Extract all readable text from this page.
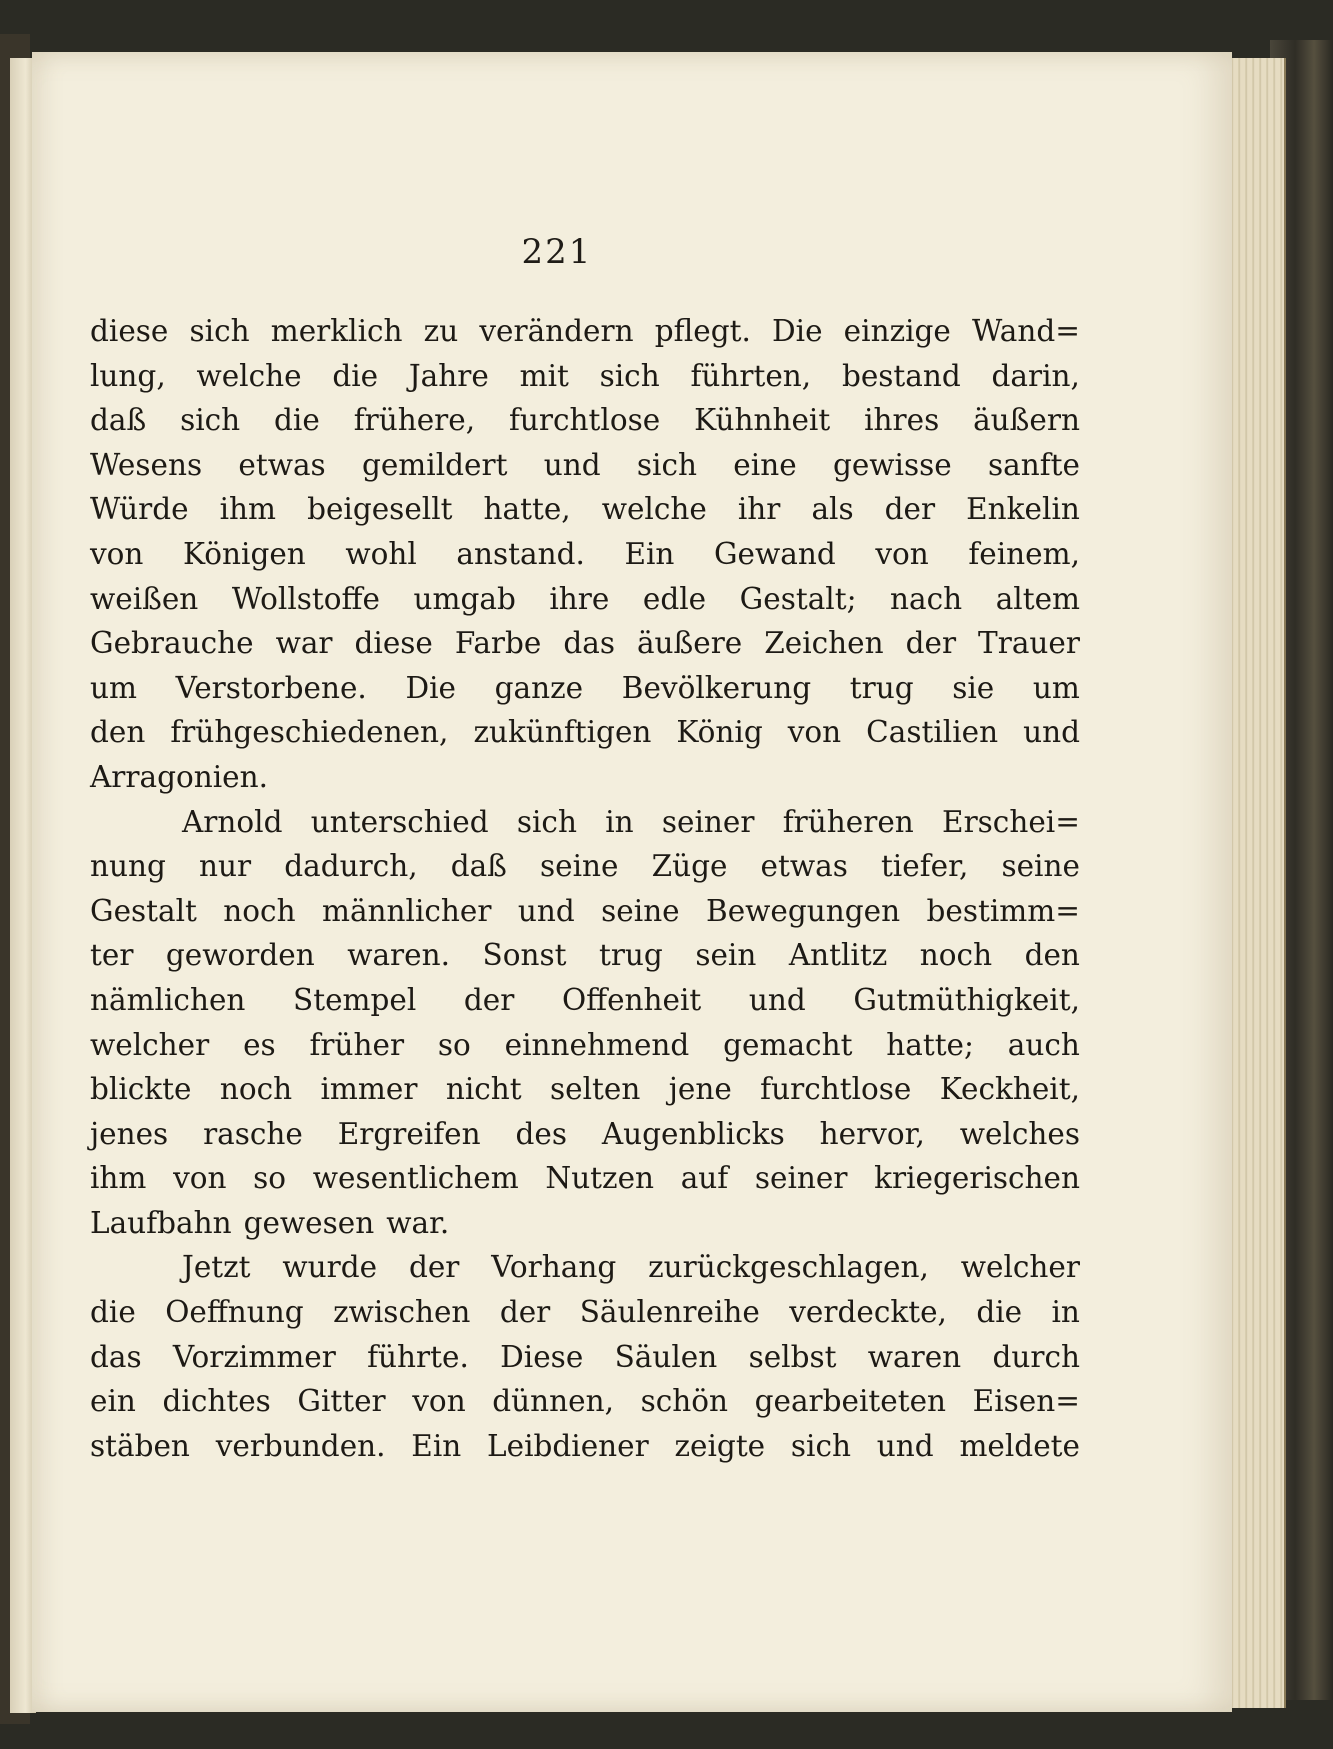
221
diese sich merklich zu verändern pflegt. Die einzige Wand=
lung, welche die Jahre mit sich führten, bestand darin,
daß sich die frühere, furchtlose Kühnheit ihres äußern
Wesens etwas gemildert und sich eine gewisse sanfte
Würde ihm beigesellt hatte, welche ihr als der Enkelin
von Königen wohl anstand. Ein Gewand von feinem,
weißen Wollstoffe umgab ihre edle Gestalt; nach altem
Gebrauche war diese Farbe das äußere Zeichen der Trauer
um Verstorbene. Die ganze Bevölkerung trug sie um
den frühgeschiedenen, zukünftigen König von Castilien und
Arragonien.
Arnold unterschied sich in seiner früheren Erschei=
nung nur dadurch, daß seine Züge etwas tiefer, seine
Gestalt noch männlicher und seine Bewegungen bestimm=
ter geworden waren. Sonst trug sein Antlitz noch den
nämlichen Stempel der Offenheit und Gutmüthigkeit,
welcher es früher so einnehmend gemacht hatte; auch
blickte noch immer nicht selten jene furchtlose Keckheit,
jenes rasche Ergreifen des Augenblicks hervor, welches
ihm von so wesentlichem Nutzen auf seiner kriegerischen
Laufbahn gewesen war.
Jetzt wurde der Vorhang zurückgeschlagen, welcher
die Oeffnung zwischen der Säulenreihe verdeckte, die in
das Vorzimmer führte. Diese Säulen selbst waren durch
ein dichtes Gitter von dünnen, schön gearbeiteten Eisen=
stäben verbunden. Ein Leibdiener zeigte sich und meldete
